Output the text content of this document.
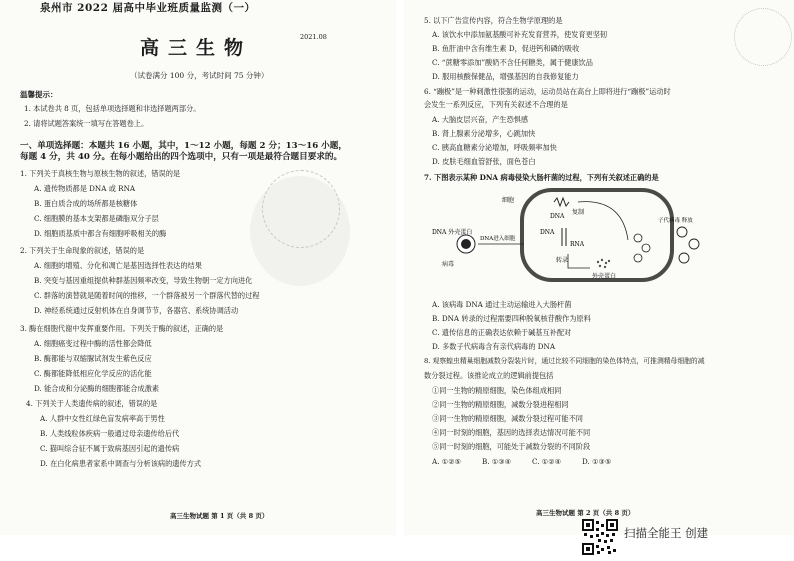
泉州市 2022 届高中毕业班质量监测（一）
2021.08
高三生物
（试卷满分 100 分，考试时间 75 分钟）
温馨提示：
1. 本试卷共 8 页，包括单项选择题和非选择题两部分。
2. 请将试题答案统一填写在答题卷上。
一、单项选择题：本题共 16 小题，其中，1～12 小题，每题 2 分；13～16 小题，
每题 4 分，共 40 分。在每小题给出的四个选项中，只有一项是最符合题目要求的。
1. 下列关于真核生物与原核生物的叙述，错误的是
A. 遗传物质都是 DNA 或 RNA
B. 蛋白质合成的场所都是核糖体
C. 细胞膜的基本支架都是磷脂双分子层
D. 细胞质基质中都含有细胞呼吸相关的酶
2. 下列关于生命现象的叙述，错误的是
A. 细胞的增殖、分化和凋亡是基因选择性表达的结果
B. 突变与基因重组提供种群基因频率改变，导致生物朝一定方向进化
C. 群落的演替就是随着时间的推移，一个群落被另一个群落代替的过程
D. 神经系统通过反射机体在自身调节节，各器官、系统协调活动
3. 酶在细胞代谢中发挥重要作用。下列关于酶的叙述，正确的是
A. 细胞癌变过程中酶的活性都会降低
B. 酶都能与双缩脲试剂发生紫色反应
C. 酶都能降低相应化学反应的活化能
D. 能合成和分泌酶的细胞都能合成激素
4. 下列关于人类遗传病的叙述，错误的是
A. 人群中女性红绿色盲发病率高于男性
B. 人类线粒体疾病一般通过母亲遗传给后代
C. 猫叫综合征不属于致病基因引起的遗传病
D. 在白化病患者家系中调查与分析该病的遗传方式
高三生物试题 第 1 页（共 8 页）
5. 以下广告宣传内容，符合生物学原理的是
A. 该饮水中添加氨基酸可补充发育营养，使发育更坚韧
B. 鱼肝油中含有维生素 D，促进钙和磷的吸收
C. “蔗糖零添加”酸奶不含任何糖类，属于健康饮品
D. 服用核酸保健品，增强基因的自我修复能力
6. “蹦极”是一种刺激性很强的运动，运动员站在高台上即将进行“蹦极”运动时
会发生一系列反应，下列有关叙述不合理的是
A. 大脑皮层兴奋，产生恐惧感
B. 肾上腺素分泌增多，心跳加快
C. 胰高血糖素分泌增加，呼吸频率加快
D. 皮肤毛细血管舒张，面色苍白
7. 下图表示某种 DNA 病毒侵染大肠杆菌的过程，下列有关叙述正确的是
细胞
DNA
DNA
RNA
转录
复制
外壳蛋白
子代病毒 释放
DNA 外壳蛋白
病毒
DNA进入细胞
A. 该病毒 DNA 通过主动运输进入大肠杆菌
B. DNA 转录的过程需要四种脱氧核苷酸作为原料
C. 遗传信息的正确表达依赖于碱基互补配对
D. 多数子代病毒含有亲代病毒的 DNA
8. 观察蝗虫精巢细胞减数分裂装片时，通过比较不同细胞的染色体特点，可推测精母细胞的减
数分裂过程。该推论成立的逻辑前提包括
①同一生物的精原细胞，染色体组成相同
②同一生物的精原细胞，减数分裂进程相同
③同一生物的精原细胞，减数分裂过程可能不同
④同一时刻的细胞，基因的选择表达情况可能不同
⑤同一时刻的细胞，可能处于减数分裂的不同阶段
A. ①②⑤	B. ①③④	C. ①②④	D. ①③⑤
高三生物试题 第 2 页（共 8 页）
扫描全能王 创建
